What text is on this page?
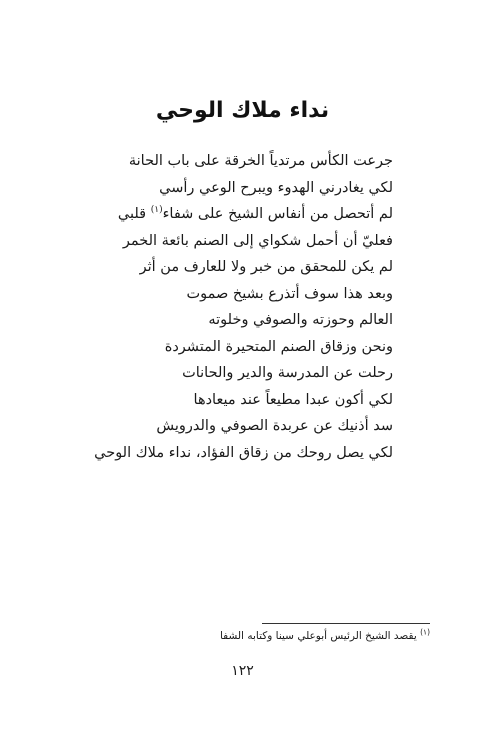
نداء ملاك الوحي
جرعت الكأس مرتدياً الخرقة على باب الحانة
لكي يغادرني الهدوء ويبرح الوعي رأسي
لم أتحصل من أنفاس الشيخ على شفاء$^{(١)}$ قلبي
فعليّ أن أحمل شكواي إلى الصنم بائعة الخمر
لم يكن للمحقق من خبر ولا للعارف من أثر
وبعد هذا سوف أتذرع بشيخ صموت
العالم وحوزته والصوفي وخلوته
ونحن وزقاق الصنم المتحيرة المتشردة
رحلت عن المدرسة والدير والحانات
لكي أكون عبدا مطيعاً عند ميعادها
سد أذنيك عن عربدة الصوفي والدرويش
لكي يصل روحك من زقاق الفؤاد، نداء ملاك الوحي
$^{(١)}$ يقصد الشيخ الرئيس أبوعلي سينا وكتابه الشفا
١٢٢
